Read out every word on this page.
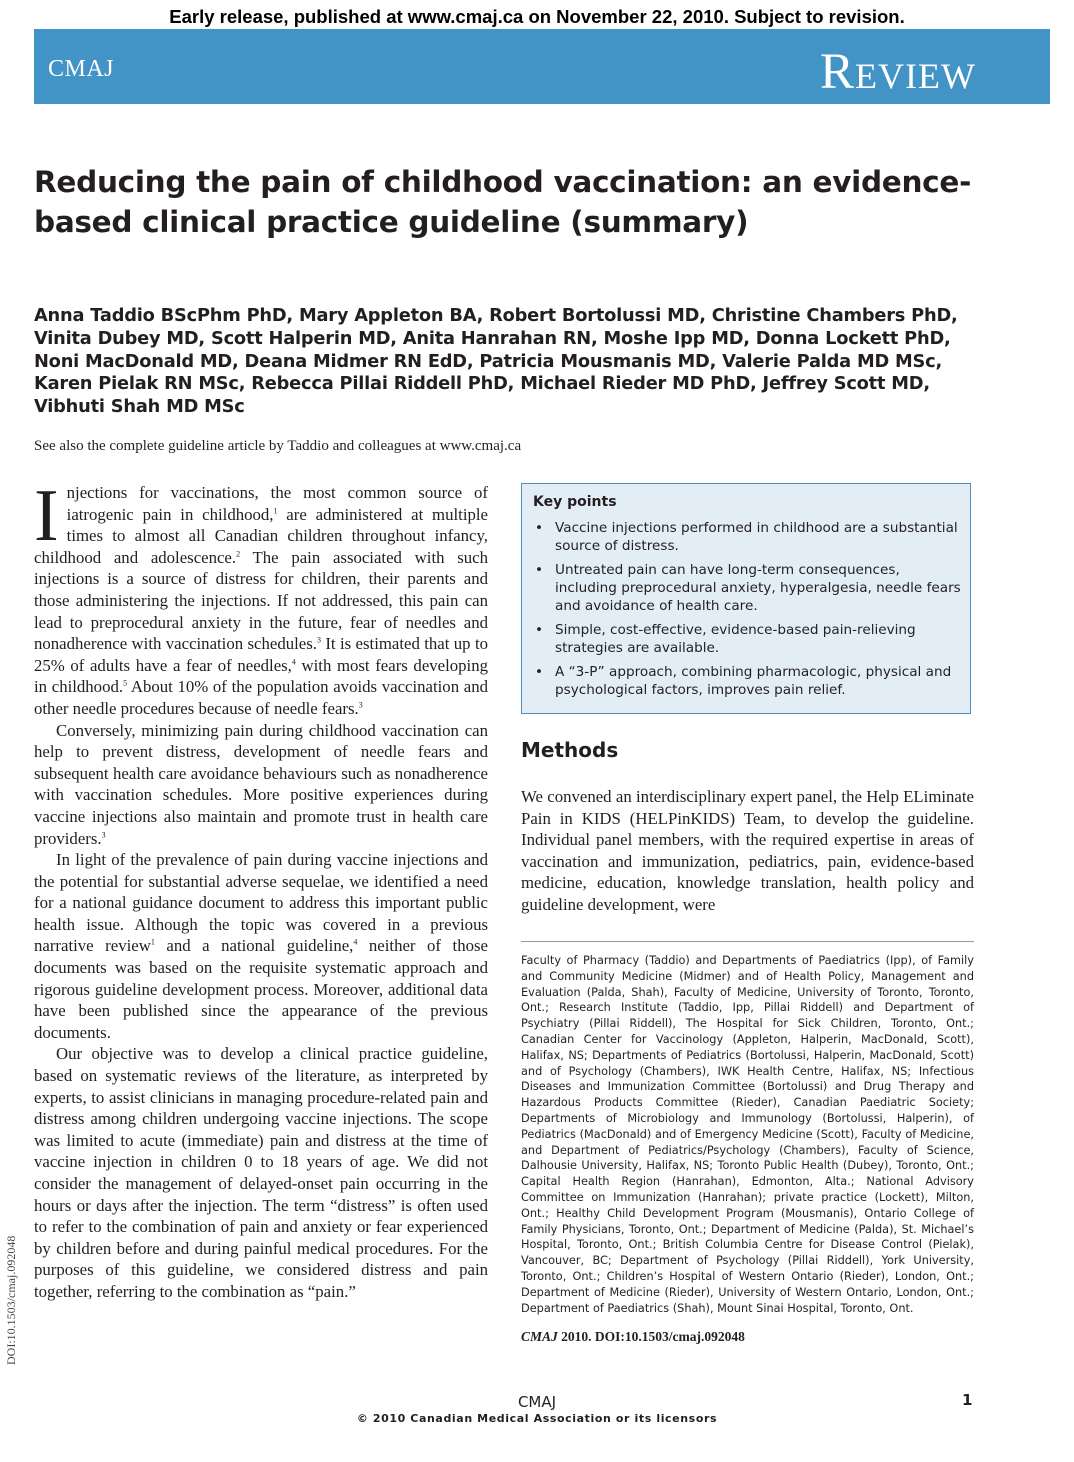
Early release, published at www.cmaj.ca on November 22, 2010. Subject to revision.
CMAJ	Review
Reducing the pain of childhood vaccination: an evidence-based clinical practice guideline (summary)
Anna Taddio BScPhm PhD, Mary Appleton BA, Robert Bortolussi MD, Christine Chambers PhD, Vinita Dubey MD, Scott Halperin MD, Anita Hanrahan RN, Moshe Ipp MD, Donna Lockett PhD, Noni MacDonald MD, Deana Midmer RN EdD, Patricia Mousmanis MD, Valerie Palda MD MSc, Karen Pielak RN MSc, Rebecca Pillai Riddell PhD, Michael Rieder MD PhD, Jeffrey Scott MD, Vibhuti Shah MD MSc
See also the complete guideline article by Taddio and colleagues at www.cmaj.ca

Injections for vaccinations, the most common source of iatrogenic pain in childhood,$^1$ are administered at multiple times to almost all Canadian children throughout infancy, childhood and adolescence.$^2$ The pain associated with such injections is a source of distress for children, their parents and those administering the injections. If not addressed, this pain can lead to preprocedural anxiety in the future, fear of needles and nonadherence with vaccination schedules.$^3$ It is estimated that up to 25% of adults have a fear of needles,$^4$ with most fears developing in childhood.$^5$ About 10% of the population avoids vaccination and other needle procedures because of needle fears.$^3$

Conversely, minimizing pain during childhood vaccination can help to prevent distress, development of needle fears and subsequent health care avoidance behaviours such as nonadherence with vaccination schedules. More positive experiences during vaccine injections also maintain and promote trust in health care providers.$^3$

In light of the prevalence of pain during vaccine injections and the potential for substantial adverse sequelae, we identified a need for a national guidance document to address this important public health issue. Although the topic was covered in a previous narrative review$^1$ and a national guideline,$^4$ neither of those documents was based on the requisite systematic approach and rigorous guideline development process. Moreover, additional data have been published since the appearance of the previous documents.

Our objective was to develop a clinical practice guideline, based on systematic reviews of the literature, as interpreted by experts, to assist clinicians in managing procedure-related pain and distress among children undergoing vaccine injections. The scope was limited to acute (immediate) pain and distress at the time of vaccine injection in children 0 to 18 years of age. We did not consider the management of delayed-onset pain occurring in the hours or days after the injection. The term “distress” is often used to refer to the combination of pain and anxiety or fear experienced by children before and during painful medical procedures. For the purposes of this guideline, we considered distress and pain together, referring to the combination as “pain.”

Key points
• Vaccine injections performed in childhood are a substantial source of distress.
• Untreated pain can have long-term consequences, including preprocedural anxiety, hyperalgesia, needle fears and avoidance of health care.
• Simple, cost-effective, evidence-based pain-relieving strategies are available.
• A “3-P” approach, combining pharmacologic, physical and psychological factors, improves pain relief.
Methods

We convened an interdisciplinary expert panel, the Help ELiminate Pain in KIDS (HELPinKIDS) Team, to develop the guideline. Individual panel members, with the required expertise in areas of vaccination and immunization, pediatrics, pain, evidence-based medicine, education, knowledge translation, health policy and guideline development, were

Faculty of Pharmacy (Taddio) and Departments of Paediatrics (Ipp), of Family and Community Medicine (Midmer) and of Health Policy, Management and Evaluation (Palda, Shah), Faculty of Medicine, University of Toronto, Toronto, Ont.; Research Institute (Taddio, Ipp, Pillai Riddell) and Department of Psychiatry (Pillai Riddell), The Hospital for Sick Children, Toronto, Ont.; Canadian Center for Vaccinology (Appleton, Halperin, MacDonald, Scott), Halifax, NS; Departments of Pediatrics (Bortolussi, Halperin, MacDonald, Scott) and of Psychology (Chambers), IWK Health Centre, Halifax, NS; Infectious Diseases and Immunization Committee (Bortolussi) and Drug Therapy and Hazardous Products Committee (Rieder), Canadian Paediatric Society; Departments of Microbiology and Immunology (Bortolussi, Halperin), of Pediatrics (MacDonald) and of Emergency Medicine (Scott), Faculty of Medicine, and Department of Pediatrics/Psychology (Chambers), Faculty of Science, Dalhousie University, Halifax, NS; Toronto Public Health (Dubey), Toronto, Ont.; Capital Health Region (Hanrahan), Edmonton, Alta.; National Advisory Committee on Immunization (Hanrahan); private practice (Lockett), Milton, Ont.; Healthy Child Development Program (Mousmanis), Ontario College of Family Physicians, Toronto, Ont.; Department of Medicine (Palda), St. Michael’s Hospital, Toronto, Ont.; British Columbia Centre for Disease Control (Pielak), Vancouver, BC; Department of Psychology (Pillai Riddell), York University, Toronto, Ont.; Children’s Hospital of Western Ontario (Rieder), London, Ont.; Department of Medicine (Rieder), University of Western Ontario, London, Ont.; Department of Paediatrics (Shah), Mount Sinai Hospital, Toronto, Ont.

CMAJ 2010. DOI:10.1503/cmaj.092048
DOI:10.1503/cmaj.092048
CMAJ
© 2010 Canadian Medical Association or its licensors
1
